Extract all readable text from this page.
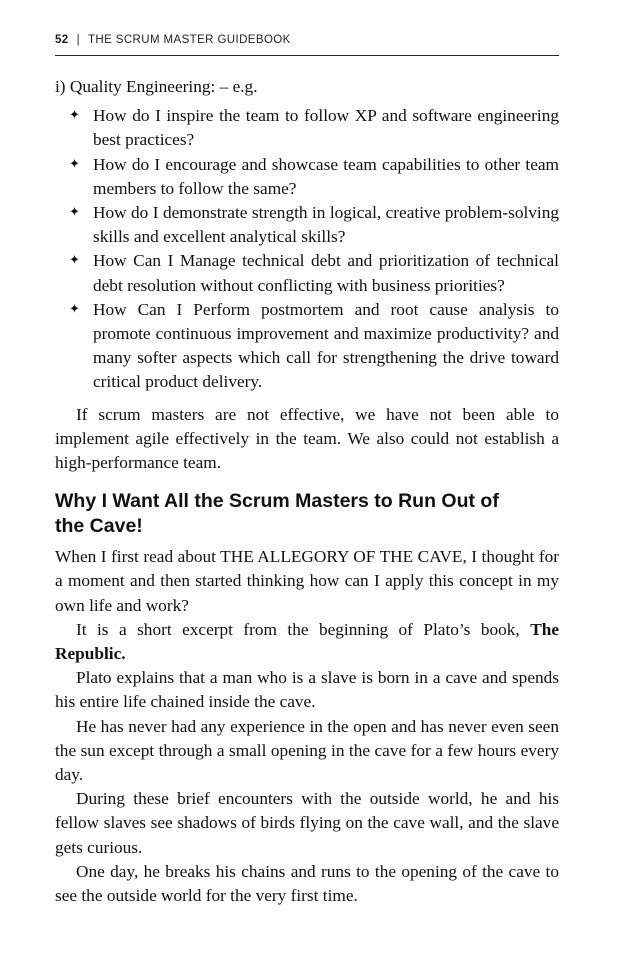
52 | THE SCRUM MASTER GUIDEBOOK

i) Quality Engineering: – e.g.

✦ How do I inspire the team to follow XP and software engineering best practices?
✦ How do I encourage and showcase team capabilities to other team members to follow the same?
✦ How do I demonstrate strength in logical, creative problem-solving skills and excellent analytical skills?
✦ How Can I Manage technical debt and prioritization of technical debt resolution without conflicting with business priorities?
✦ How Can I Perform postmortem and root cause analysis to promote continuous improvement and maximize productivity? and many softer aspects which call for strengthening the drive toward critical product delivery.

If scrum masters are not effective, we have not been able to implement agile effectively in the team. We also could not establish a high-performance team.

Why I Want All the Scrum Masters to Run Out of the Cave!

When I first read about THE ALLEGORY OF THE CAVE, I thought for a moment and then started thinking how can I apply this concept in my own life and work?

It is a short excerpt from the beginning of Plato’s book, The Republic.

Plato explains that a man who is a slave is born in a cave and spends his entire life chained inside the cave.

He has never had any experience in the open and has never even seen the sun except through a small opening in the cave for a few hours every day.

During these brief encounters with the outside world, he and his fellow slaves see shadows of birds flying on the cave wall, and the slave gets curious.

One day, he breaks his chains and runs to the opening of the cave to see the outside world for the very first time.
